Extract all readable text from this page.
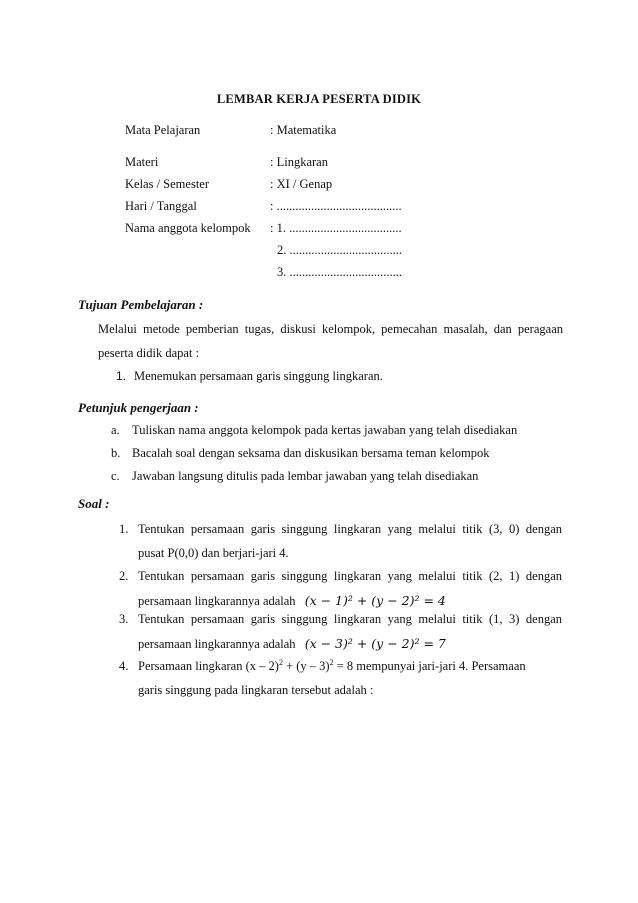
LEMBAR KERJA PESERTA DIDIK
Mata Pelajaran	: Matematika
Materi	: Lingkaran
Kelas / Semester	: XI / Genap
Hari / Tanggal	: ........................................
Nama anggota kelompok : 1. ....................................
2. ....................................
3. ....................................
Tujuan Pembelajaran :
Melalui metode pemberian tugas, diskusi kelompok, pemecahan masalah, dan peragaan
peserta didik dapat :
1. Menemukan persamaan garis singgung lingkaran.
Petunjuk pengerjaan :
a. Tuliskan nama anggota kelompok pada kertas jawaban yang telah disediakan
b. Bacalah soal dengan seksama dan diskusikan bersama teman kelompok
c. Jawaban langsung ditulis pada lembar jawaban yang telah disediakan
Soal :
1. Tentukan persamaan garis singgung lingkaran yang melalui titik (3, 0) dengan
pusat P(0,0) dan berjari-jari 4.
2. Tentukan persamaan garis singgung lingkaran yang melalui titik (2, 1) dengan
persamaan lingkarannya adalah (x − 1)² + (y − 2)² = 4
3. Tentukan persamaan garis singgung lingkaran yang melalui titik (1, 3) dengan
persamaan lingkarannya adalah (x − 3)² + (y − 2)² = 7
4. Persamaan lingkaran (x – 2)$^2$ + (y – 3)$^2$ = 8 mempunyai jari-jari 4. Persamaan
garis singgung pada lingkaran tersebut adalah :
